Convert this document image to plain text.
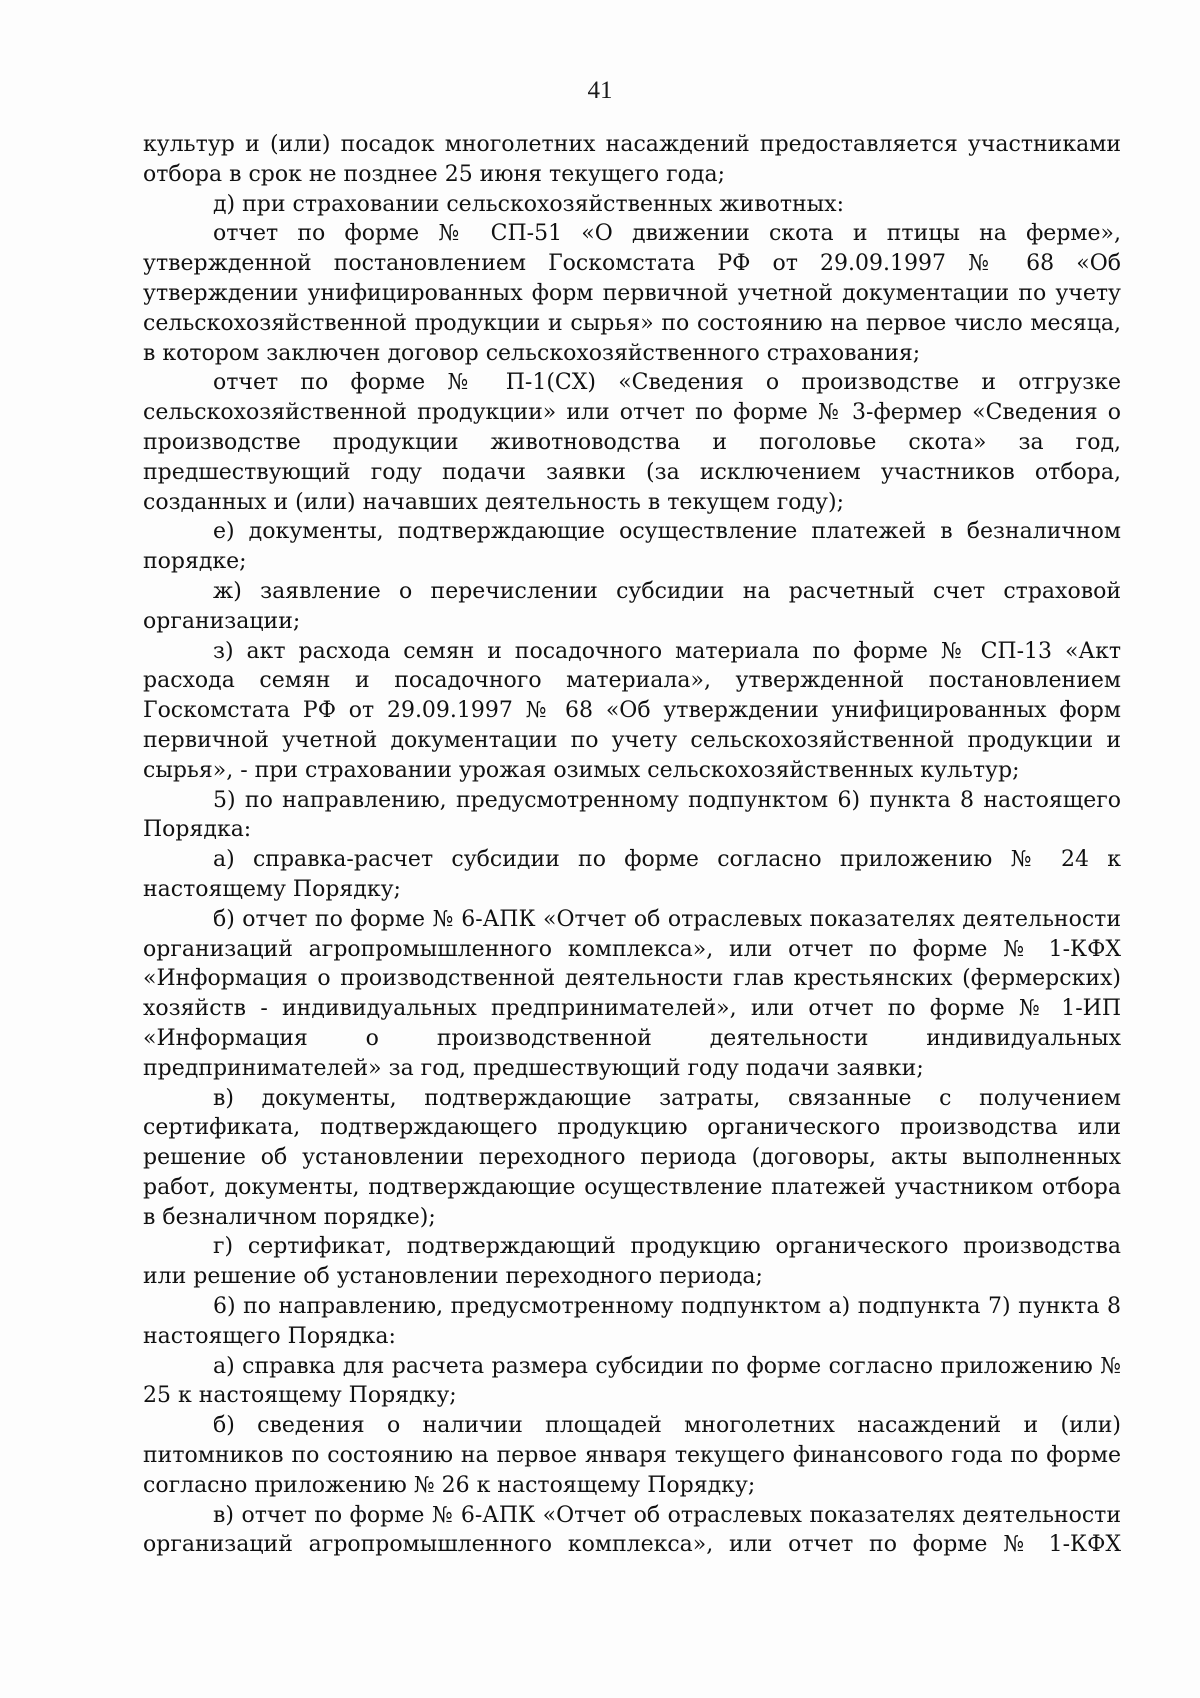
41

культур и (или) посадок многолетних насаждений предоставляется участниками отбора в срок не позднее 25 июня текущего года;

д) при страховании сельскохозяйственных животных:

отчет по форме № СП-51 «О движении скота и птицы на ферме», утвержденной постановлением Госкомстата РФ от 29.09.1997 № 68 «Об утверждении унифицированных форм первичной учетной документации по учету сельскохозяйственной продукции и сырья» по состоянию на первое число месяца, в котором заключен договор сельскохозяйственного страхования;

отчет по форме № П-1(СХ) «Сведения о производстве и отгрузке сельскохозяйственной продукции» или отчет по форме № 3-фермер «Сведения о производстве продукции животноводства и поголовье скота» за год, предшествующий году подачи заявки (за исключением участников отбора, созданных и (или) начавших деятельность в текущем году);

е) документы, подтверждающие осуществление платежей в безналичном порядке;

ж) заявление о перечислении субсидии на расчетный счет страховой организации;

з) акт расхода семян и посадочного материала по форме № СП-13 «Акт расхода семян и посадочного материала», утвержденной постановлением Госкомстата РФ от 29.09.1997 № 68 «Об утверждении унифицированных форм первичной учетной документации по учету сельскохозяйственной продукции и сырья», - при страховании урожая озимых сельскохозяйственных культур;

5) по направлению, предусмотренному подпунктом 6) пункта 8 настоящего Порядка:

а) справка-расчет субсидии по форме согласно приложению № 24 к настоящему Порядку;

б) отчет по форме № 6-АПК «Отчет об отраслевых показателях деятельности организаций агропромышленного комплекса», или отчет по форме № 1-КФХ «Информация о производственной деятельности глав крестьянских (фермерских) хозяйств - индивидуальных предпринимателей», или отчет по форме № 1-ИП «Информация о производственной деятельности индивидуальных предпринимателей» за год, предшествующий году подачи заявки;

в) документы, подтверждающие затраты, связанные с получением сертификата, подтверждающего продукцию органического производства или решение об установлении переходного периода (договоры, акты выполненных работ, документы, подтверждающие осуществление платежей участником отбора в безналичном порядке);

г) сертификат, подтверждающий продукцию органического производства или решение об установлении переходного периода;

6) по направлению, предусмотренному подпунктом а) подпункта 7) пункта 8 настоящего Порядка:

а) справка для расчета размера субсидии по форме согласно приложению № 25 к настоящему Порядку;

б) сведения о наличии площадей многолетних насаждений и (или) питомников по состоянию на первое января текущего финансового года по форме согласно приложению № 26 к настоящему Порядку;

в) отчет по форме № 6-АПК «Отчет об отраслевых показателях деятельности организаций агропромышленного комплекса», или отчет по форме № 1-КФХ
